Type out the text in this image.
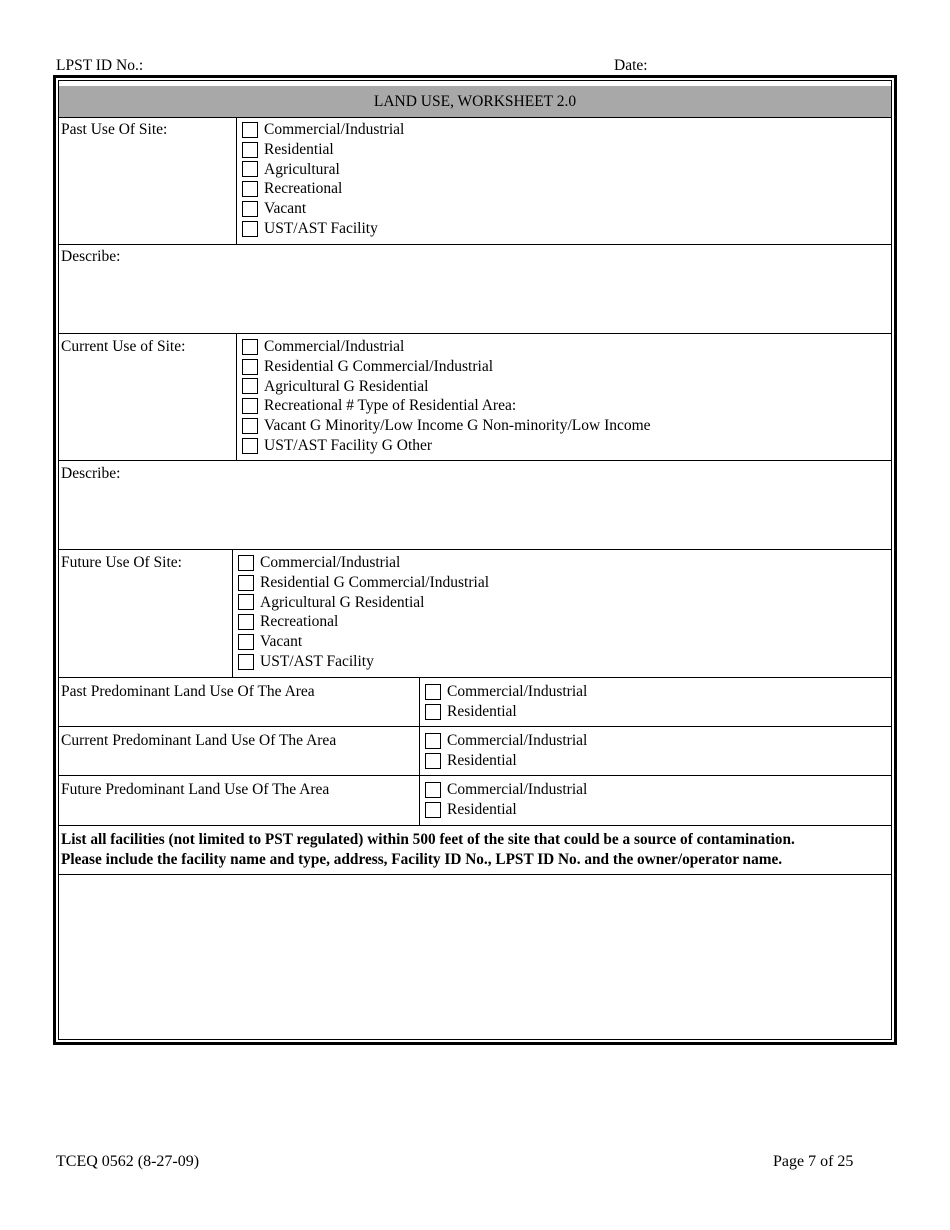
LPST ID No.:	Date:
LAND USE, WORKSHEET 2.0
Past Use Of Site:	Commercial/Industrial
Residential
Agricultural
Recreational
Vacant
UST/AST Facility
Describe:
Current Use of Site:	Commercial/Industrial
Residential G Commercial/Industrial
Agricultural G Residential
Recreational # Type of Residential Area:
Vacant G Minority/Low Income G Non-minority/Low Income
UST/AST Facility G Other
Describe:
Future Use Of Site:	Commercial/Industrial
Residential G Commercial/Industrial
Agricultural G Residential
Recreational
Vacant
UST/AST Facility
Past Predominant Land Use Of The Area	Commercial/Industrial
Residential
Current Predominant Land Use Of The Area	Commercial/Industrial
Residential
Future Predominant Land Use Of The Area	Commercial/Industrial
Residential
List all facilities (not limited to PST regulated) within 500 feet of the site that could be a source of contamination.
Please include the facility name and type, address, Facility ID No., LPST ID No. and the owner/operator name.
TCEQ 0562 (8-27-09)	Page 7 of 25
